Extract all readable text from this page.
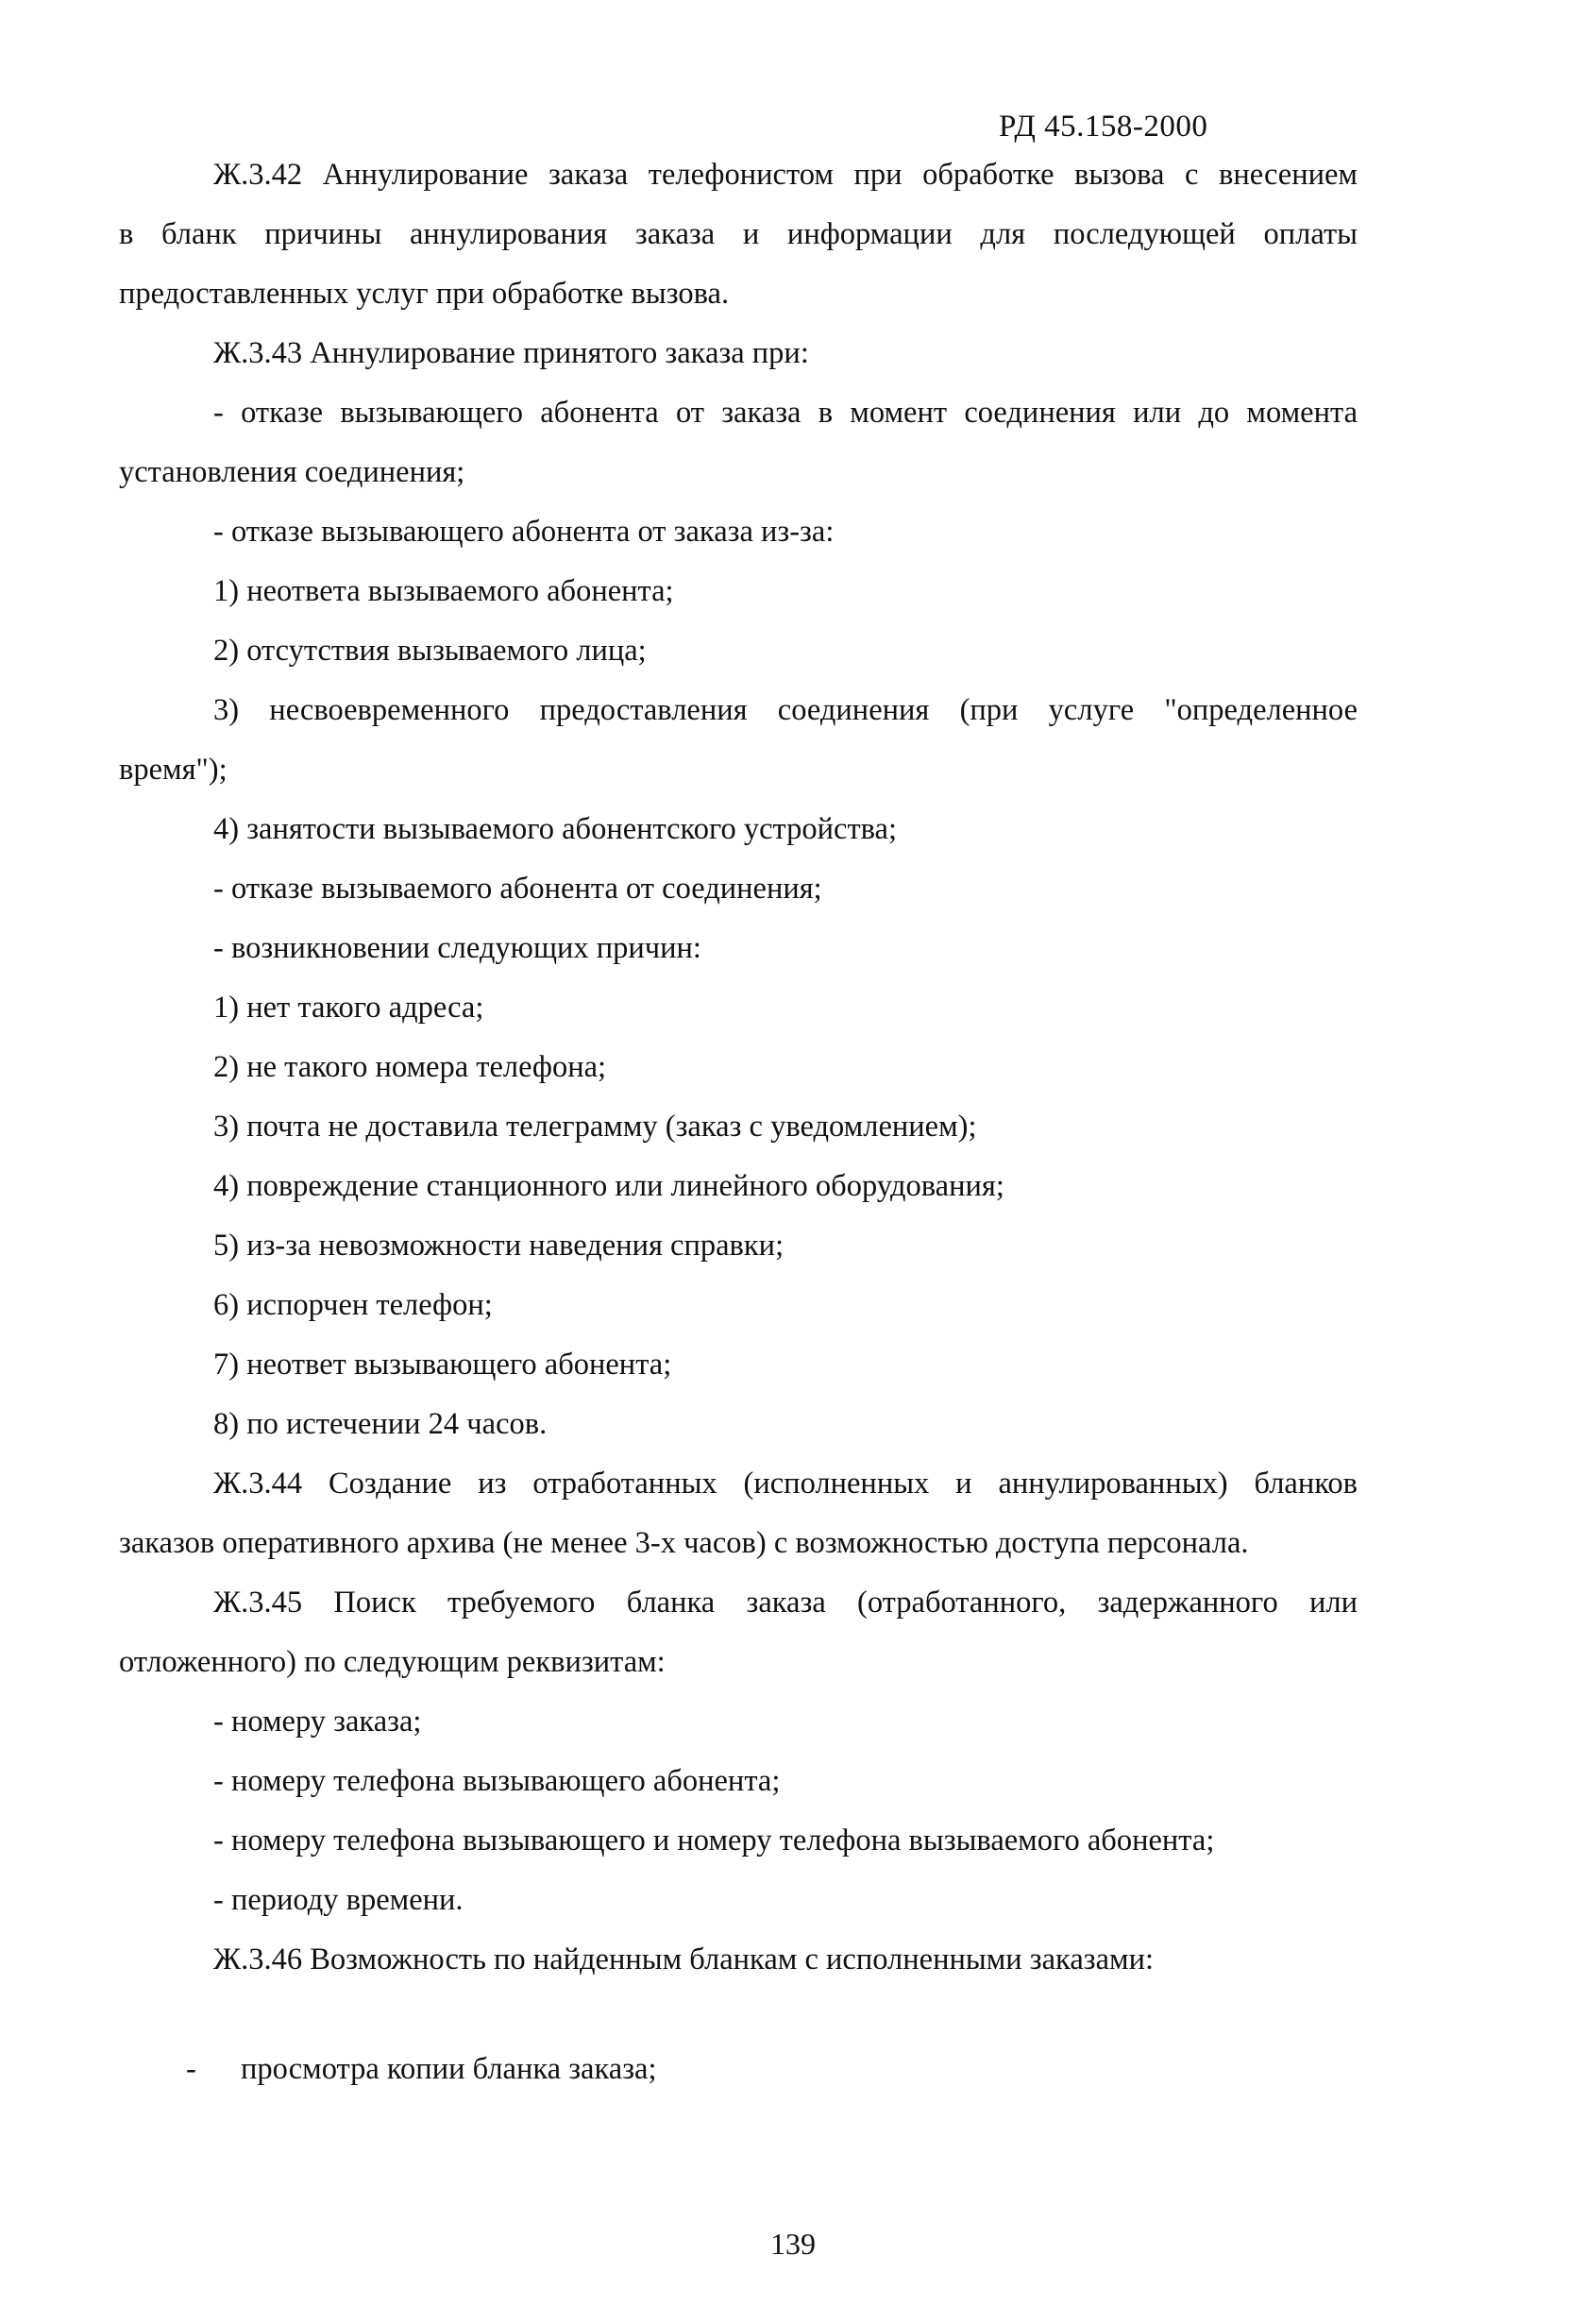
РД 45.158-2000
Ж.3.42 Аннулирование заказа телефонистом при обработке вызова с внесением
в бланк причины аннулирования заказа и информации для последующей оплаты
предоставленных услуг при обработке вызова.
Ж.3.43 Аннулирование принятого заказа при:
- отказе вызывающего абонента от заказа в момент соединения или до момента
установления соединения;
- отказе вызывающего абонента от заказа из-за:
1) неответа вызываемого абонента;
2) отсутствия вызываемого лица;
3) несвоевременного предоставления соединения (при услуге "определенное
время");
4) занятости вызываемого абонентского устройства;
- отказе вызываемого абонента от соединения;
- возникновении следующих причин:
1) нет такого адреса;
2) не такого номера телефона;
3) почта не доставила телеграмму (заказ с уведомлением);
4) повреждение станционного или линейного оборудования;
5) из-за невозможности наведения справки;
6) испорчен телефон;
7) неответ вызывающего абонента;
8) по истечении 24 часов.
Ж.3.44 Создание из отработанных (исполненных и аннулированных) бланков
заказов оперативного архива (не менее 3-х часов) с возможностью доступа персонала.
Ж.3.45 Поиск требуемого бланка заказа (отработанного, задержанного или
отложенного) по следующим реквизитам:
- номеру заказа;
- номеру телефона вызывающего абонента;
- номеру телефона вызывающего и номеру телефона вызываемого абонента;
- периоду времени.
Ж.3.46 Возможность по найденным бланкам с исполненными заказами:
- просмотра копии бланка заказа;
139
